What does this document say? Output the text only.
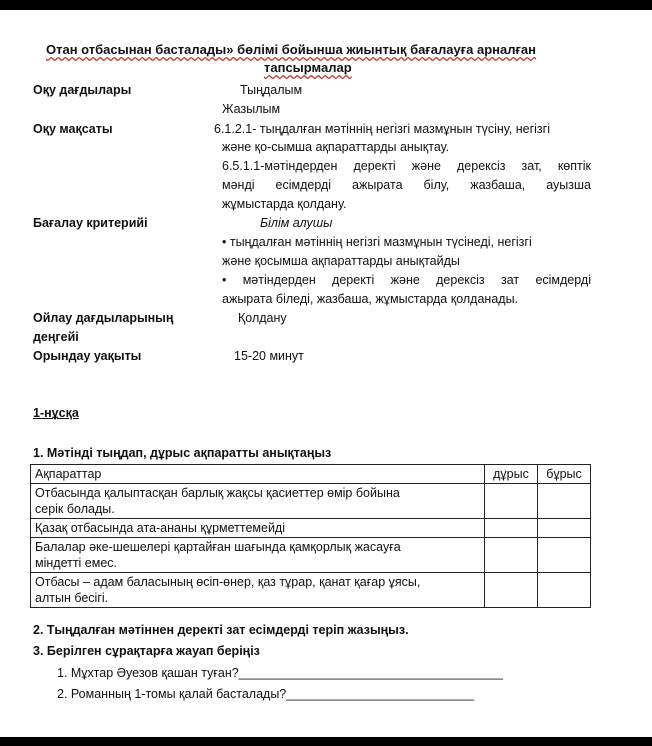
Отан отбасынан басталады» бөлімі бойынша жиынтық бағалауға арналған
тапсырмалар
Оқу дағдылары	Тыңдалым
Жазылым
Оқу мақсаты	6.1.2.1- тыңдалған мәтіннің негізгі мазмұнын түсіну, негізгі
және қо-сымша ақпараттарды анықтау.
6.5.1.1-мәтіндерден деректі және дерексіз зат, көптік
мәнді есімдерді ажырата білу, жазбаша, ауызша
жұмыстарда қолдану.
Бағалау критерийі	Білім алушы
• тыңдалған мәтіннің негізгі мазмұнын түсінеді, негізгі
және қосымша ақпараттарды анықтайды
• мәтіндерден деректі және дерексіз зат есімдерді
ажырата біледі, жазбаша, жұмыстарда қолданады.
Ойлау дағдыларының
деңгейі
Қолдану
Орындау уақыты	15-20 минут
1-нұсқа
1. Мәтінді тыңдап, дұрыс ақпаратты анықтаңыз
Ақпараттар	дұрыс	бұрыс

Отбасында қалыптасқан барлық жақсы қасиеттер өмір бойына
серік болады.		

Қазақ отбасында ата-ананы құрметтемейді		

Балалар әке-шешелері қартайған шағында қамқорлық жасауға
міндетті емес.		

Отбасы – адам баласының өсіп-өнер, қаз тұрар, қанат қағар ұясы,
алтын бесігі.		

2. Тыңдалған мәтіннен деректі зат есімдерді теріп жазыңыз.
3. Берілген сұрақтарға жауап беріңіз
1. Мұхтар Әуезов қашан туған?______________________________________
2. Романның 1-томы қалай басталады?___________________________
